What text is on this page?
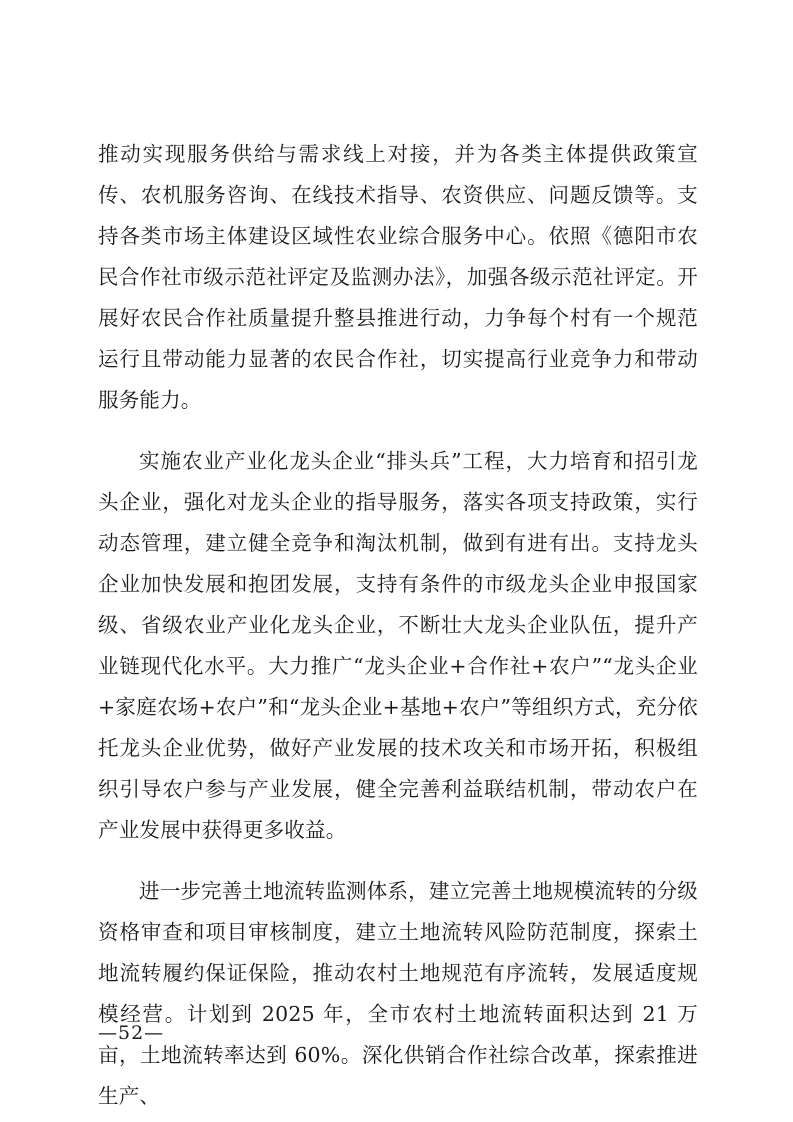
推动实现服务供给与需求线上对接，并为各类主体提供政策宣传、农机服务咨询、在线技术指导、农资供应、问题反馈等。支持各类市场主体建设区域性农业综合服务中心。依照《德阳市农民合作社市级示范社评定及监测办法》，加强各级示范社评定。开展好农民合作社质量提升整县推进行动，力争每个村有一个规范运行且带动能力显著的农民合作社，切实提高行业竞争力和带动服务能力。

实施农业产业化龙头企业“排头兵”工程，大力培育和招引龙头企业，强化对龙头企业的指导服务，落实各项支持政策，实行动态管理，建立健全竞争和淘汰机制，做到有进有出。支持龙头企业加快发展和抱团发展，支持有条件的市级龙头企业申报国家级、省级农业产业化龙头企业，不断壮大龙头企业队伍，提升产业链现代化水平。大力推广“龙头企业+合作社+农户”“龙头企业+家庭农场+农户”和“龙头企业+基地+农户”等组织方式，充分依托龙头企业优势，做好产业发展的技术攻关和市场开拓，积极组织引导农户参与产业发展，健全完善利益联结机制，带动农户在产业发展中获得更多收益。

进一步完善土地流转监测体系，建立完善土地规模流转的分级资格审查和项目审核制度，建立土地流转风险防范制度，探索土地流转履约保证保险，推动农村土地规范有序流转，发展适度规模经营。计划到 2025 年，全市农村土地流转面积达到 21 万亩，土地流转率达到 60%。深化供销合作社综合改革，探索推进生产、

—52—
